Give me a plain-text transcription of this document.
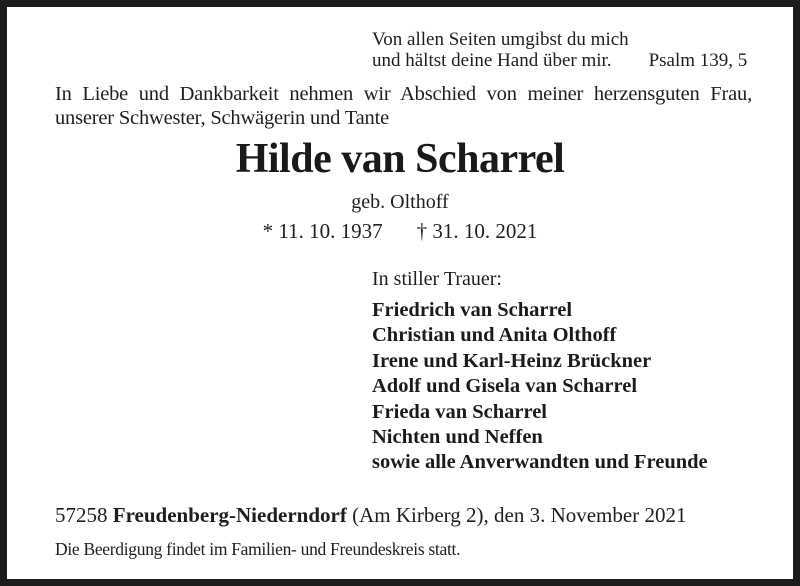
Von allen Seiten umgibst du mich
und hältst deine Hand über mir. Psalm 139, 5
In Liebe und Dankbarkeit nehmen wir Abschied von meiner herzensguten Frau,
unserer Schwester, Schwägerin und Tante
Hilde van Scharrel
geb. Olthoff
* 11. 10. 1937 † 31. 10. 2021
In stiller Trauer:
Friedrich van Scharrel
Christian und Anita Olthoff
Irene und Karl-Heinz Brückner
Adolf und Gisela van Scharrel
Frieda van Scharrel
Nichten und Neffen
sowie alle Anverwandten und Freunde
57258 Freudenberg-Niederndorf (Am Kirberg 2), den 3. November 2021
Die Beerdigung findet im Familien- und Freundeskreis statt.
